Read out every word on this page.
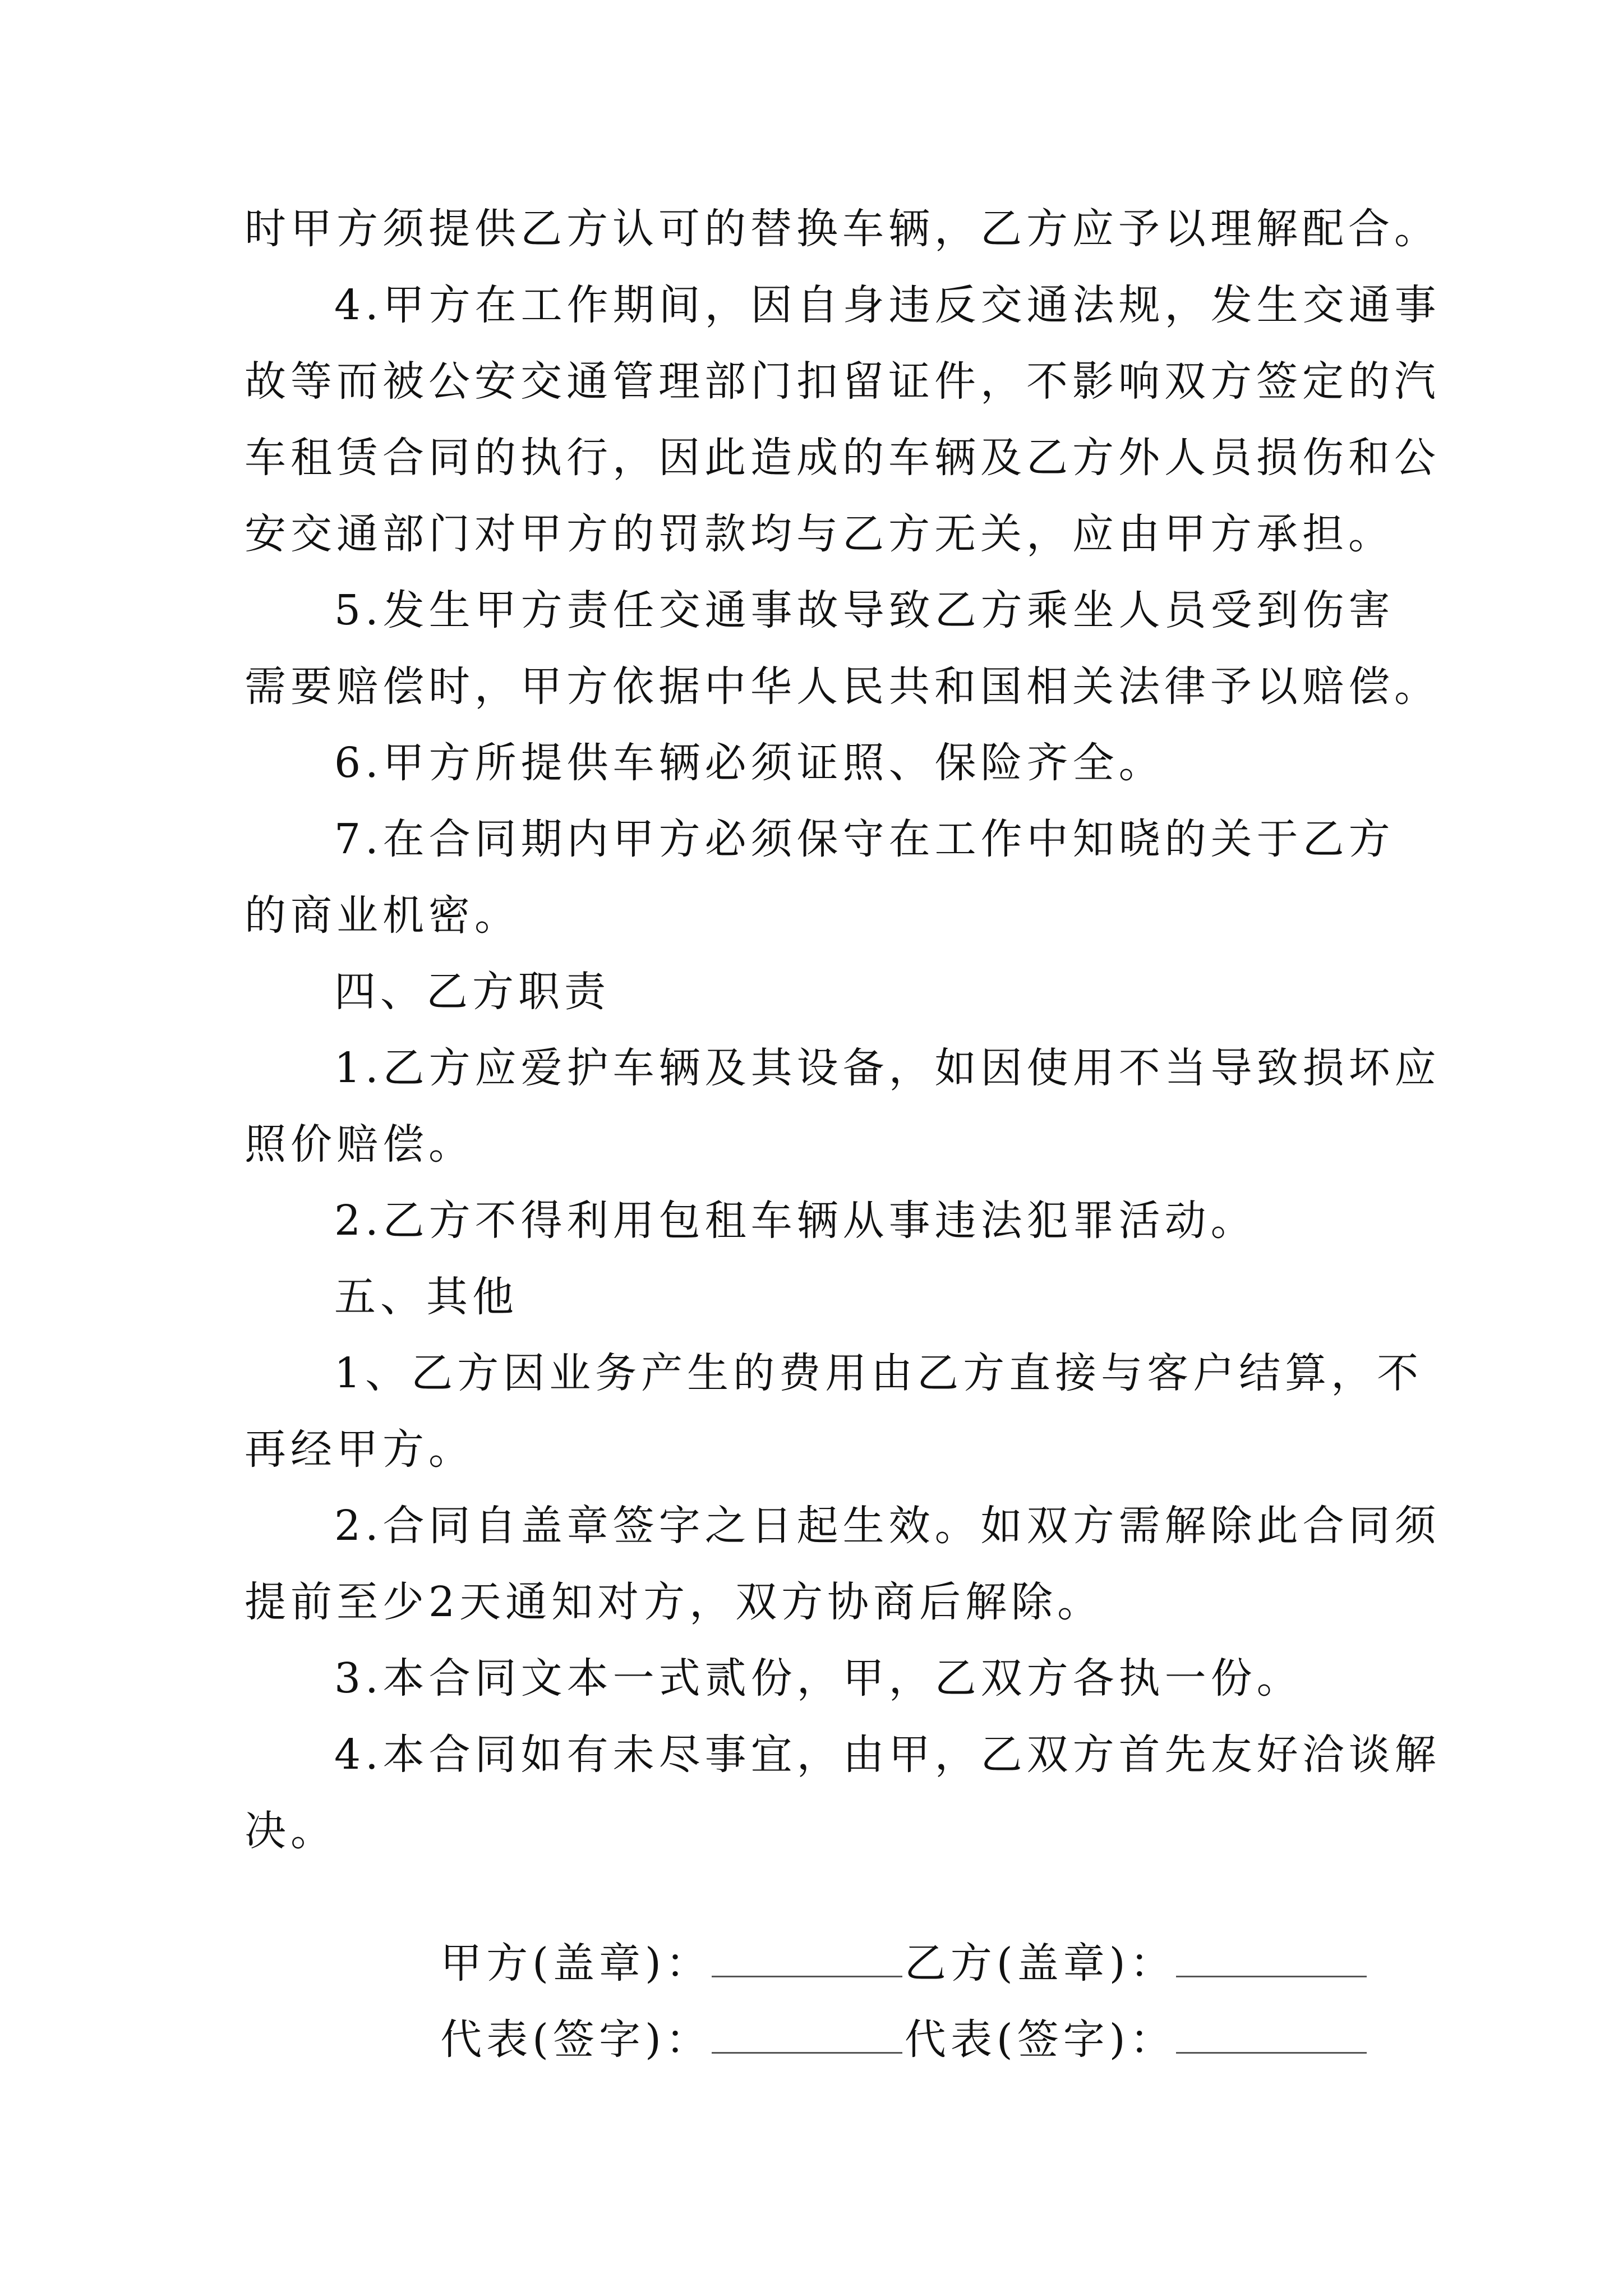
时甲方须提供乙方认可的替换车辆，乙方应予以理解配合。
4.甲方在工作期间，因自身违反交通法规，发生交通事
故等而被公安交通管理部门扣留证件，不影响双方签定的汽
车租赁合同的执行，因此造成的车辆及乙方外人员损伤和公
安交通部门对甲方的罚款均与乙方无关，应由甲方承担。
5.发生甲方责任交通事故导致乙方乘坐人员受到伤害
需要赔偿时，甲方依据中华人民共和国相关法律予以赔偿。
6.甲方所提供车辆必须证照、保险齐全。
7.在合同期内甲方必须保守在工作中知晓的关于乙方
的商业机密。
四、乙方职责
1.乙方应爱护车辆及其设备，如因使用不当导致损坏应
照价赔偿。
2.乙方不得利用包租车辆从事违法犯罪活动。
五、其他
1、乙方因业务产生的费用由乙方直接与客户结算，不
再经甲方。
2.合同自盖章签字之日起生效。如双方需解除此合同须
提前至少2天通知对方，双方协商后解除。
3.本合同文本一式贰份，甲，乙双方各执一份。
4.本合同如有未尽事宜，由甲，乙双方首先友好洽谈解
决。

甲方(盖章)：	乙方(盖章)：

代表(签字)：	代表(签字)：
